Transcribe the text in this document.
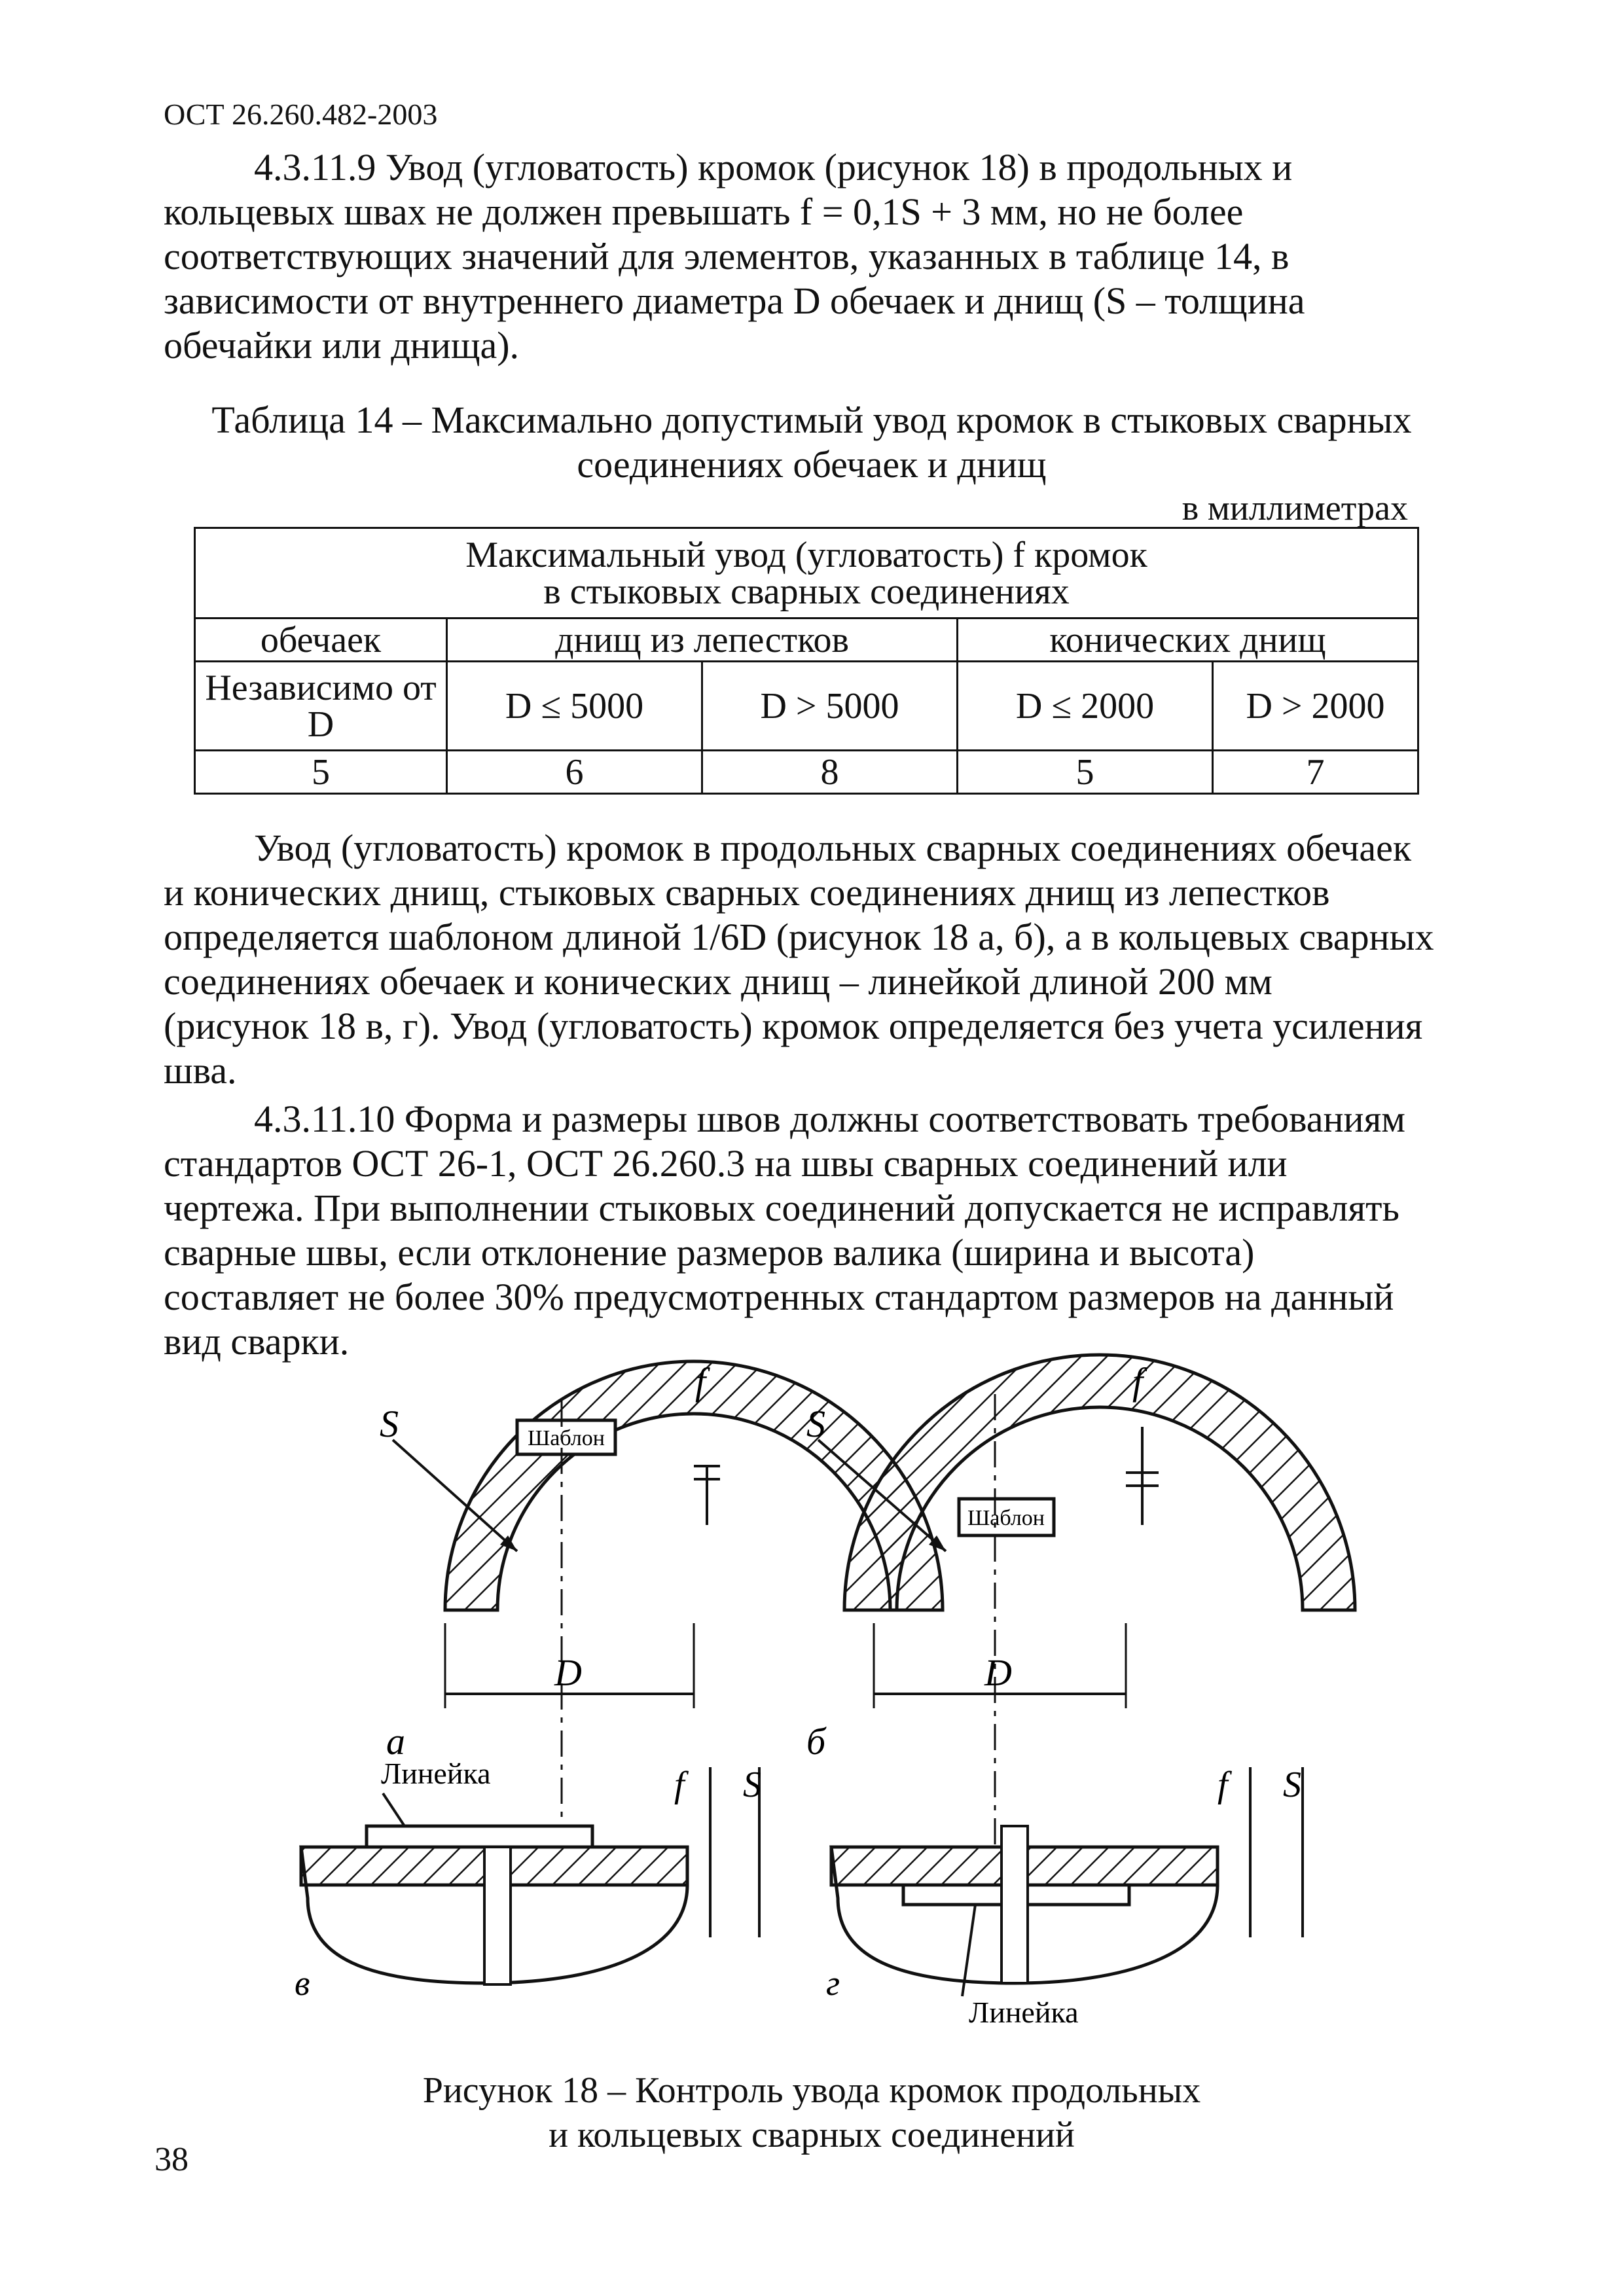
ОСТ 26.260.482-2003
4.3.11.9 Увод (угловатость) кромок (рисунок 18) в продольных и
кольцевых швах не должен превышать f = 0,1S + 3 мм, но не более
соответствующих значений для элементов, указанных в таблице 14, в
зависимости от внутреннего диаметра D обечаек и днищ (S – толщина
обечайки или днища).
Таблица 14 – Максимально допустимый увод кромок в стыковых сварных
соединениях обечаек и днищ
в миллиметрах
Максимальный увод (угловатость) f кромок
в стыковых сварных соединениях				

обечаек	днищ из лепестков		конических днищ	
Независимо от D	D ≤ 5000	D > 5000	D ≤ 2000	D > 2000
5	6	8	5	7
Увод (угловатость) кромок в продольных сварных соединениях обечаек
и конических днищ, стыковых сварных соединениях днищ из лепестков
определяется шаблоном длиной 1/6D (рисунок 18 а, б), а в кольцевых сварных
соединениях обечаек и конических днищ – линейкой длиной 200 мм
(рисунок 18 в, г). Увод (угловатость) кромок определяется без учета усиления
шва.
4.3.11.10 Форма и размеры швов должны соответствовать требованиям
стандартов ОСТ 26-1, ОСТ 26.260.3 на швы сварных соединений или
чертежа. При выполнении стыковых соединений допускается не исправлять
сварные швы, если отклонение размеров валика (ширина и высота)
составляет не более 30% предусмотренных стандартом размеров на данный
вид сварки.
Шаблон
S
f
D
а
Шаблон
S
f
D
б
Линейка	f S
в
Линейка
f S
г
Рисунок 18 – Контроль увода кромок продольных
и кольцевых сварных соединений
38
